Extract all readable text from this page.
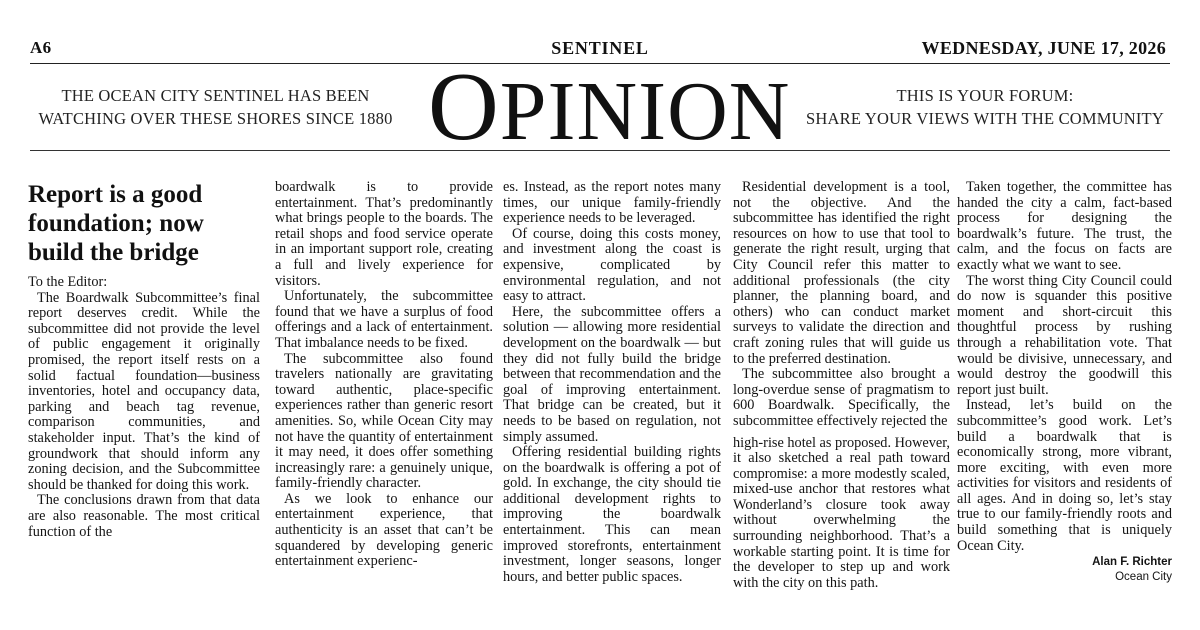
A6	SENTINEL	WEDNESDAY, JUNE 17, 2026
THE OCEAN CITY SENTINEL HAS BEEN
WATCHING OVER THESE SHORES SINCE 1880 OPINION	THIS IS YOUR FORUM:
SHARE YOUR VIEWS WITH THE COMMUNITY
Report is a good foundation; now build the bridge

To the Editor:

The Boardwalk Subcommittee’s final report deserves credit. While the subcommittee did not provide the level of public engagement it originally promised, the report itself rests on a solid factual foundation—business inventories, hotel and occupancy data, parking and beach tag revenue, comparison communities, and stakeholder input. That’s the kind of groundwork that should inform any zoning decision, and the Subcommittee should be thanked for doing this work.

The conclusions drawn from that data are also reasonable. The most critical function of the

boardwalk is to provide entertainment. That’s predominantly what brings people to the boards. The retail shops and food service operate in an important support role, creating a full and lively experience for visitors.

Unfortunately, the subcommittee found that we have a surplus of food offerings and a lack of entertainment. That imbalance needs to be fixed.

The subcommittee also found travelers nationally are gravitating toward authentic, place-specific experiences rather than generic resort amenities. So, while Ocean City may not have the quantity of entertainment it may need, it does offer something increasingly rare: a genuinely unique, family-friendly character.

As we look to enhance our entertainment experience, that authenticity is an asset that can’t be squandered by developing generic entertainment experienc-

es. Instead, as the report notes many times, our unique family-friendly experience needs to be leveraged.

Of course, doing this costs money, and investment along the coast is expensive, complicated by environmental regulation, and not easy to attract.

Here, the subcommittee offers a solution — allowing more residential development on the boardwalk — but they did not fully build the bridge between that recommendation and the goal of improving entertainment. That bridge can be created, but it needs to be based on regulation, not simply assumed.

Offering residential building rights on the boardwalk is offering a pot of gold. In exchange, the city should tie additional development rights to improving the boardwalk entertainment. This can mean improved storefronts, entertainment investment, longer seasons, longer hours, and better public spaces.

Residential development is a tool, not the objective. And the subcommittee has identified the right resources on how to use that tool to generate the right result, urging that City Council refer this matter to additional professionals (the city planner, the planning board, and others) who can conduct market surveys to validate the direction and craft zoning rules that will guide us to the preferred destination.

The subcommittee also brought a long-overdue sense of pragmatism to 600 Boardwalk. Specifically, the subcommittee effectively rejected the

high-rise hotel as proposed. However, it also sketched a real path toward compromise: a more modestly scaled, mixed-use anchor that restores what Wonderland’s closure took away without overwhelming the surrounding neighborhood. That’s a workable starting point. It is time for the developer to step up and work with the city on this path.

Taken together, the committee has handed the city a calm, fact-based process for designing the boardwalk’s future. The trust, the calm, and the focus on facts are exactly what we want to see.

The worst thing City Council could do now is squander this positive moment and short-circuit this thoughtful process by rushing through a rehabilitation vote. That would be divisive, unnecessary, and would destroy the goodwill this report just built.

Instead, let’s build on the subcommittee’s good work. Let’s build a boardwalk that is economically strong, more vibrant, more exciting, with even more activities for visitors and residents of all ages. And in doing so, let’s stay true to our family-friendly roots and build something that is uniquely Ocean City.

Alan F. Richter
Ocean City
